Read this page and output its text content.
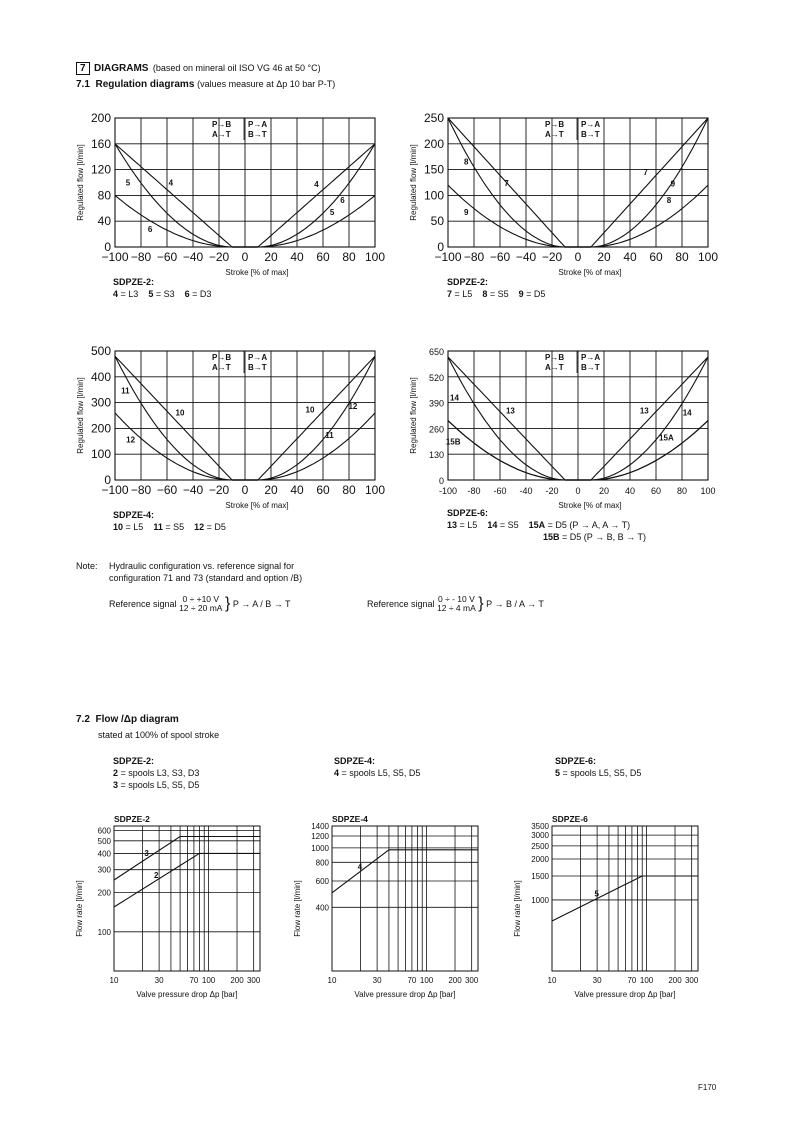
7 DIAGRAMS (based on mineral oil ISO VG 46 at 50 °C)
7.1 Regulation diagrams (values measure at Δp 10 bar P-T)
−100 −80 −60 −40 −20 0 20 40 60 80 100
0
40
80
120
160
200
Stroke [% of max]
Regulated flow [l/min]
P→B
A→T
P→A
B→T
5	4
6
4
5
6
−100 −80 −60 −40 −20 0 20 40 60 80 100
0
50
100
150
200
250
Stroke [% of max]
Regulated flow [l/min]
P→B
A→T
P→A
B→T
8
7
9
7
9
8
−100 −80 −60 −40 −20 0 20 40 60 80 100
0
100
200
300
400
500
Stroke [% of max]
Regulated flow [l/min]
P→B
A→T
P→A
B→T
11
10
12
10	12
11
-100 -80 -60 -40 -20 0 20 40 60 80 100
0
130
260
390
520
650
Stroke [% of max]
Regulated flow [l/min]
P→B
A→T
P→A
B→T
14
13
15B
13	14
15A
SDPZE-2:
4 = L3 5 = S3 6 = D3
SDPZE-2:
7 = L5 8 = S5 9 = D5
SDPZE-4:
10 = L5 11 = S5 12 = D5
SDPZE-6:
13 = L5 14 = S5 15A = D5 (P → A, A → T)
15B = D5 (P → B, B → T)
Note: Hydraulic configuration vs. reference signal for
configuration 71 and 73 (standard and option /B)
Reference signal 0 ÷ +10 V
12 ÷ 20 mA } P → A / B → T	Reference signal 0 ÷ - 10 V
12 ÷ 4 mA } P → B / A → T
7.2 Flow /Δp diagram
stated at 100% of spool stroke
SDPZE-2:
2 = spools L3, S3, D3
3 = spools L5, S5, D5
SDPZE-4:
4 = spools L5, S5, D5
SDPZE-6:
5 = spools L5, S5, D5
SDPZE-2
10	30	70 100 200 300
100
200
300
400
500
600
Valve pressure drop Δp [bar]
Flow rate [l/min]
3
2
SDPZE-4
10	30	70 100 200 300
400
600
800
1000
1200
1400
Valve pressure drop Δp [bar]
Flow rate [l/min]
4
SDPZE-6
10	30	70 100 200 300
1000
1500
2000
2500
3000
3500
Valve pressure drop Δp [bar]
Flow rate [l/min]	5
F170
